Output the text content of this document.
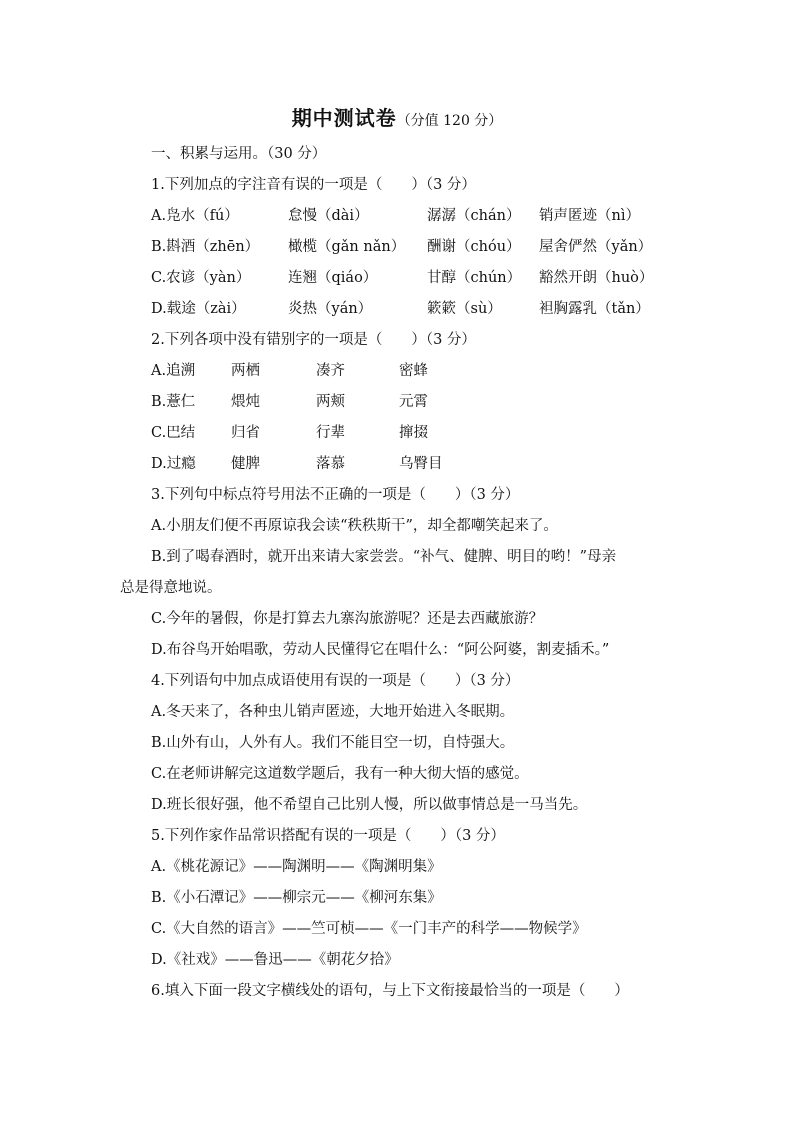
期中测试卷（分值 120 分）
一、积累与运用。（30 分）
1.下列加点的字注音有误的一项是（　　）（3 分）
A.凫水（fú）	怠慢（dài）	潺潺（chán） 销声匿迹（nì）
B.斟酒（zhēn） 橄榄（gǎn nǎn） 酬谢（chóu） 屋舍俨然（yǎn）
C.农谚（yàn）	连翘（qiáo）	甘醇（chún） 豁然开朗（huò）
D.载途（zài）	炎热（yán）	簌簌（sù）	袒胸露乳（tǎn）
2.下列各项中没有错别字的一项是（　　）（3 分）
A.追溯 两栖	凑齐	密蜂
B.薏仁 煨炖	两颊	元霄
C.巴结 归省	行辈	撺掇
D.过瘾 健脾	落慕	乌臀目
3.下列句中标点符号用法不正确的一项是（　　）（3 分）
A.小朋友们便不再原谅我会读“秩秩斯干”，却全都嘲笑起来了。
B.到了喝春酒时，就开出来请大家尝尝。“补气、健脾、明目的哟！”母亲
总是得意地说。
C.今年的暑假，你是打算去九寨沟旅游呢？还是去西藏旅游？
D.布谷鸟开始唱歌，劳动人民懂得它在唱什么：“阿公阿婆，割麦插禾。”
4.下列语句中加点成语使用有误的一项是（　　）（3 分）
A.冬天来了，各种虫儿销声匿迹，大地开始进入冬眠期。
B.山外有山，人外有人。我们不能目空一切，自恃强大。
C.在老师讲解完这道数学题后，我有一种大彻大悟的感觉。
D.班长很好强，他不希望自己比别人慢，所以做事情总是一马当先。
5.下列作家作品常识搭配有误的一项是（　　）（3 分）
A.《桃花源记》——陶渊明——《陶渊明集》
B.《小石潭记》——柳宗元——《柳河东集》
C.《大自然的语言》——竺可桢——《一门丰产的科学——物候学》
D.《社戏》——鲁迅——《朝花夕拾》
6.填入下面一段文字横线处的语句，与上下文衔接最恰当的一项是（　　）
